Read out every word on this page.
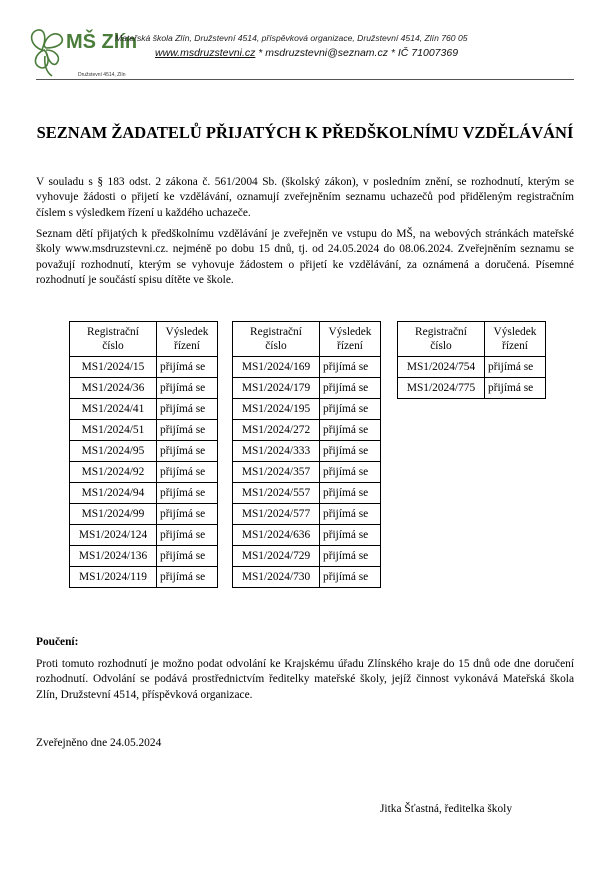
MŠ Zlín
Družstevní 4514, Zlín
Mateřská škola Zlín, Družstevní 4514, příspěvková organizace, Družstevní 4514, Zlín 760 05
www.msdruzstevni.cz * msdruzstevni@seznam.cz * IČ 71007369
SEZNAM ŽADATELŮ PŘIJATÝCH K PŘEDŠKOLNÍMU VZDĚLÁVÁNÍ
V souladu s § 183 odst. 2 zákona č. 561/2004 Sb. (školský zákon), v posledním znění, se rozhodnutí, kterým se vyhovuje žádosti o přijetí ke vzdělávání, oznamují zveřejněním seznamu uchazečů pod přiděleným registračním číslem s výsledkem řízení u každého uchazeče.
Seznam dětí přijatých k předškolnímu vzdělávání je zveřejněn ve vstupu do MŠ, na webových stránkách mateřské školy www.msdruzstevni.cz. nejméně po dobu 15 dnů, tj. od 24.05.2024 do 08.06.2024. Zveřejněním seznamu se považují rozhodnutí, kterým se vyhovuje žádostem o přijetí ke vzdělávání, za oznámená a doručená. Písemné rozhodnutí je součástí spisu dítěte ve škole.
Registrační
číslo	Výsledek
řízení
MS1/2024/15	přijímá se
MS1/2024/36	přijímá se
MS1/2024/41	přijímá se
MS1/2024/51	přijímá se
MS1/2024/95	přijímá se
MS1/2024/92	přijímá se
MS1/2024/94	přijímá se
MS1/2024/99	přijímá se
MS1/2024/124	přijímá se
MS1/2024/136	přijímá se
MS1/2024/119	přijímá se
Registrační
číslo	Výsledek
řízení
MS1/2024/169	přijímá se
MS1/2024/179	přijímá se
MS1/2024/195	přijímá se
MS1/2024/272	přijímá se
MS1/2024/333	přijímá se
MS1/2024/357	přijímá se
MS1/2024/557	přijímá se
MS1/2024/577	přijímá se
MS1/2024/636	přijímá se
MS1/2024/729	přijímá se
MS1/2024/730	přijímá se
Registrační
číslo	Výsledek
řízení
MS1/2024/754	přijímá se
MS1/2024/775	přijímá se
Poučení:
Proti tomuto rozhodnutí je možno podat odvolání ke Krajskému úřadu Zlínského kraje do 15 dnů ode dne doručení rozhodnutí. Odvolání se podává prostřednictvím ředitelky mateřské školy, jejíž činnost vykonává Mateřská škola Zlín, Družstevní 4514, příspěvková organizace.
Zveřejněno dne 24.05.2024
Jitka Šťastná, ředitelka školy
